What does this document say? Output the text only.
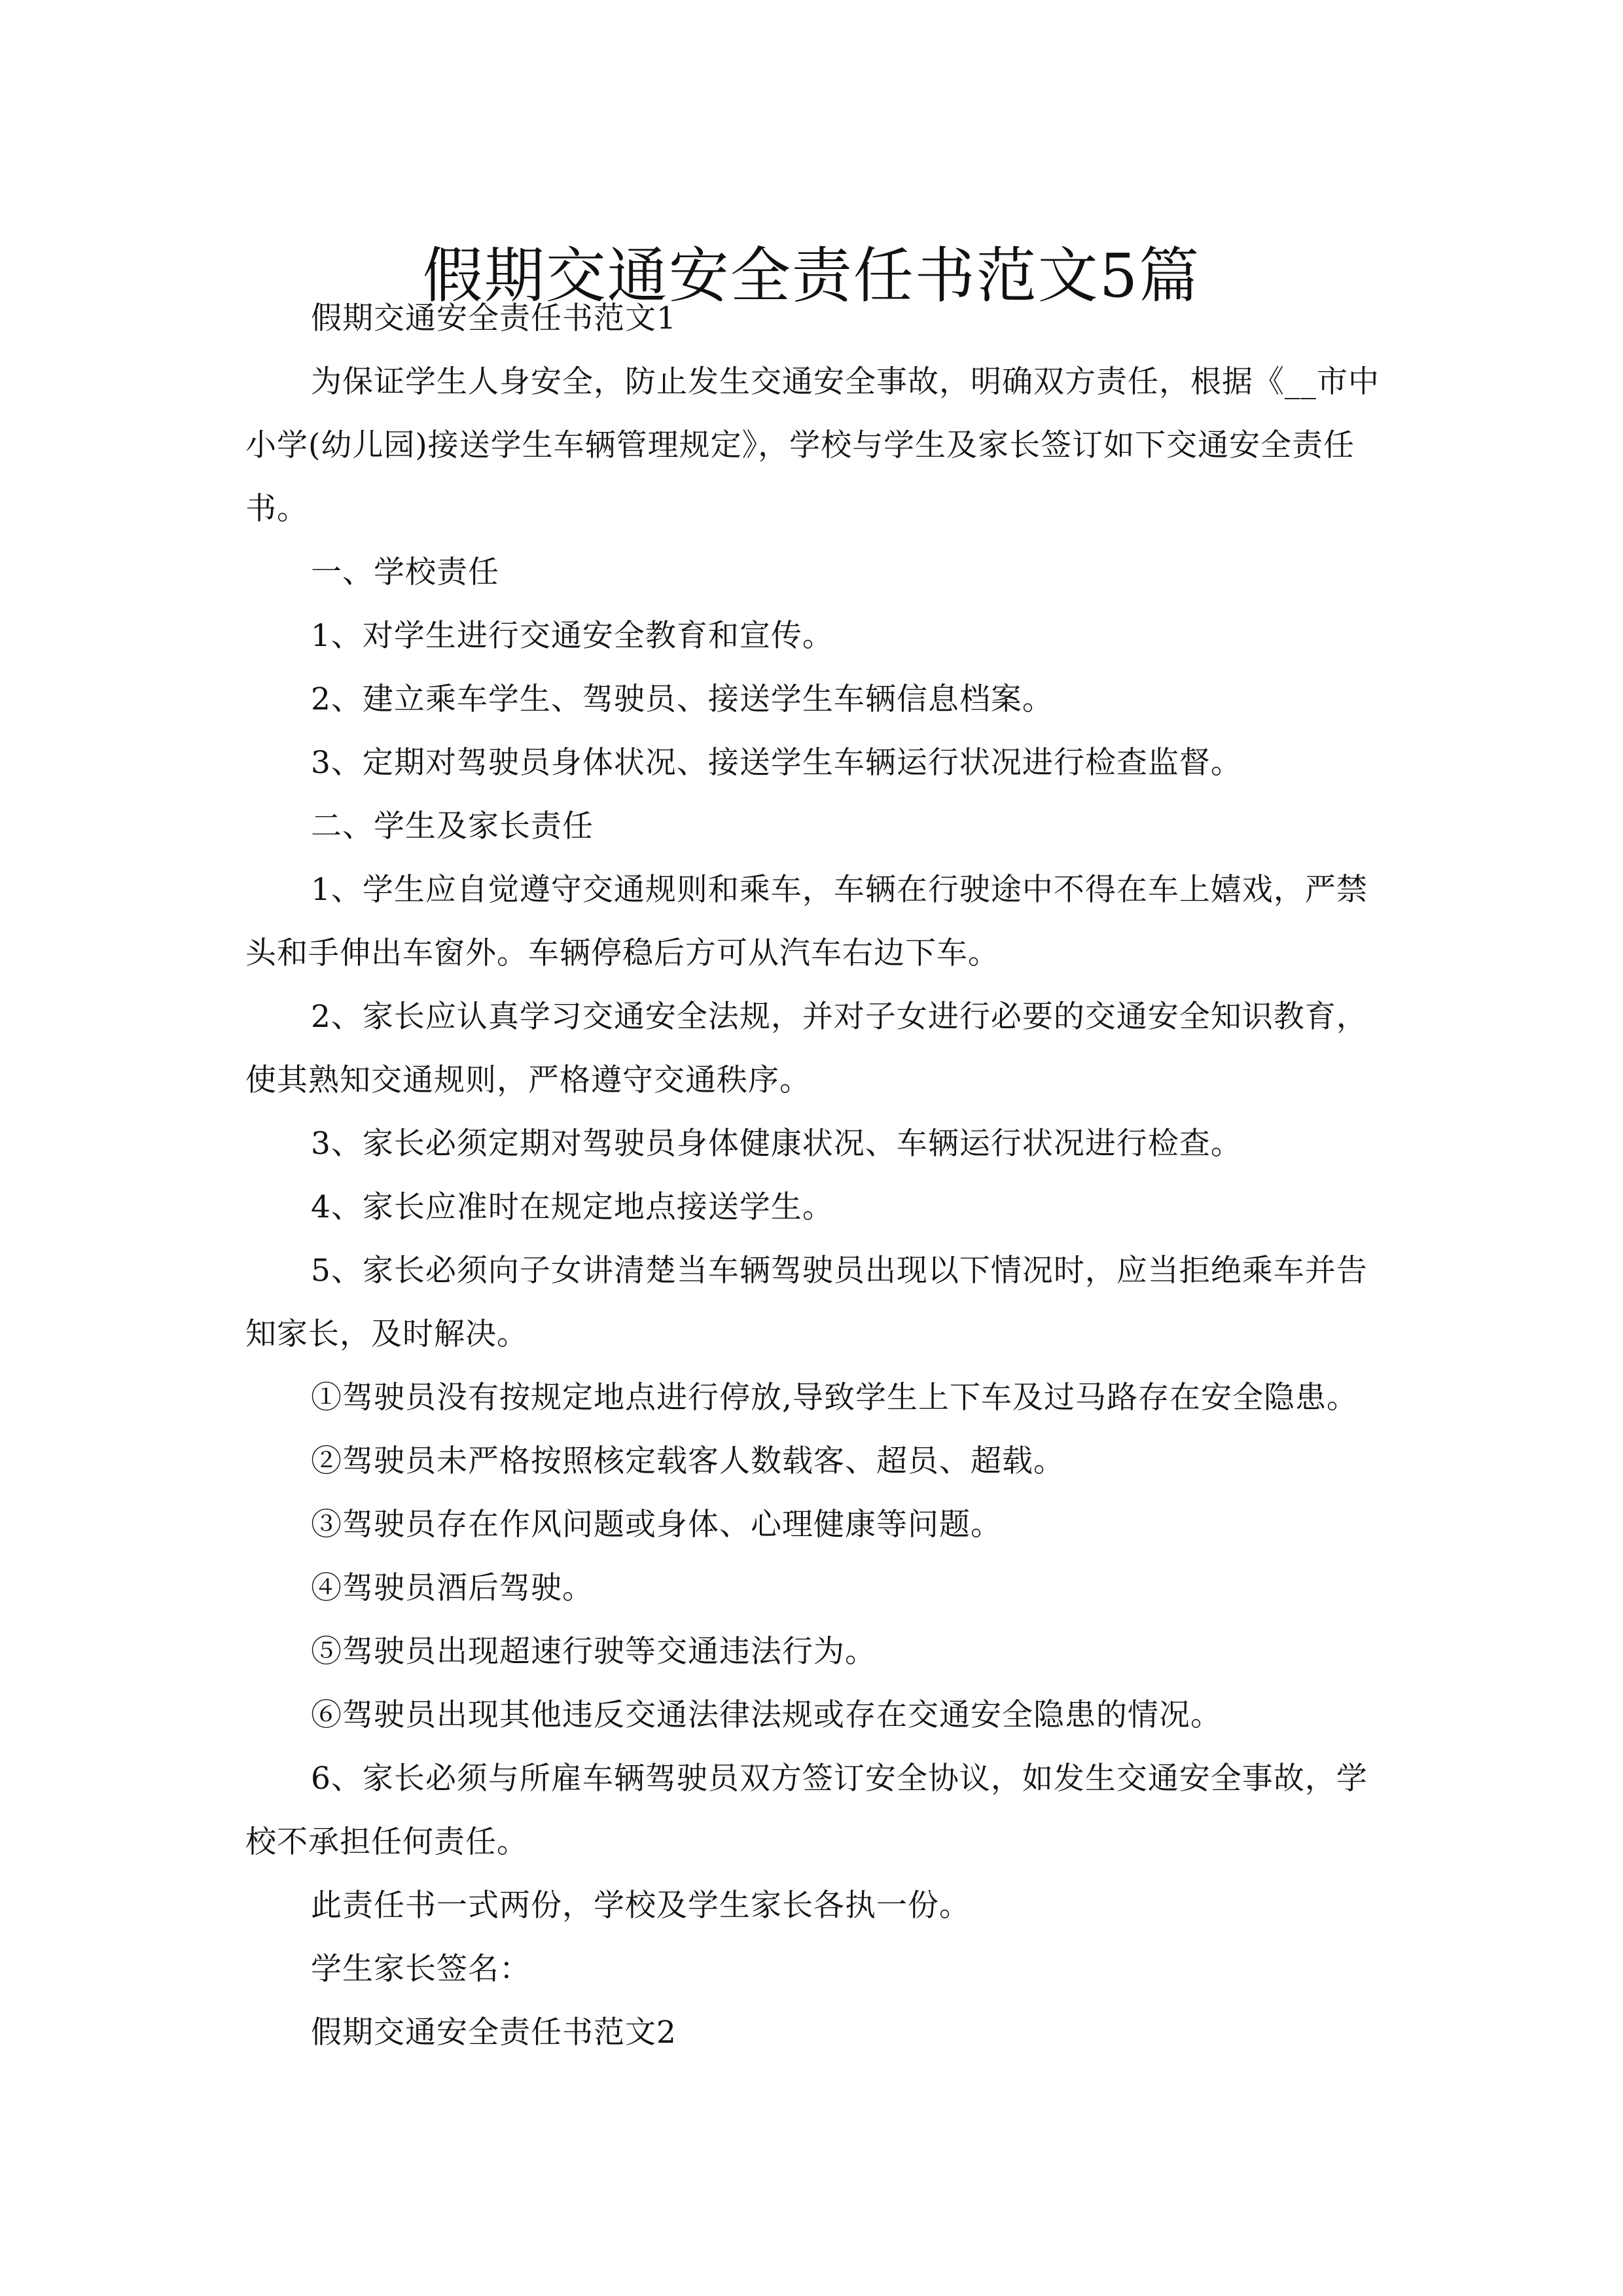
假期交通安全责任书范文5篇

假期交通安全责任书范文1

为保证学生人身安全，防止发生交通安全事故，明确双方责任，根据《__市中小学(幼儿园)接送学生车辆管理规定》，学校与学生及家长签订如下交通安全责任书。

一、学校责任

1、对学生进行交通安全教育和宣传。

2、建立乘车学生、驾驶员、接送学生车辆信息档案。

3、定期对驾驶员身体状况、接送学生车辆运行状况进行检查监督。

二、学生及家长责任

1、学生应自觉遵守交通规则和乘车，车辆在行驶途中不得在车上嬉戏，严禁头和手伸出车窗外。车辆停稳后方可从汽车右边下车。

2、家长应认真学习交通安全法规，并对子女进行必要的交通安全知识教育，使其熟知交通规则，严格遵守交通秩序。

3、家长必须定期对驾驶员身体健康状况、车辆运行状况进行检查。

4、家长应准时在规定地点接送学生。

5、家长必须向子女讲清楚当车辆驾驶员出现以下情况时，应当拒绝乘车并告知家长，及时解决。

①驾驶员没有按规定地点进行停放,导致学生上下车及过马路存在安全隐患。

②驾驶员未严格按照核定载客人数载客、超员、超载。

③驾驶员存在作风问题或身体、心理健康等问题。

④驾驶员酒后驾驶。

⑤驾驶员出现超速行驶等交通违法行为。

⑥驾驶员出现其他违反交通法律法规或存在交通安全隐患的情况。

6、家长必须与所雇车辆驾驶员双方签订安全协议，如发生交通安全事故，学校不承担任何责任。

此责任书一式两份，学校及学生家长各执一份。

学生家长签名：

假期交通安全责任书范文2
